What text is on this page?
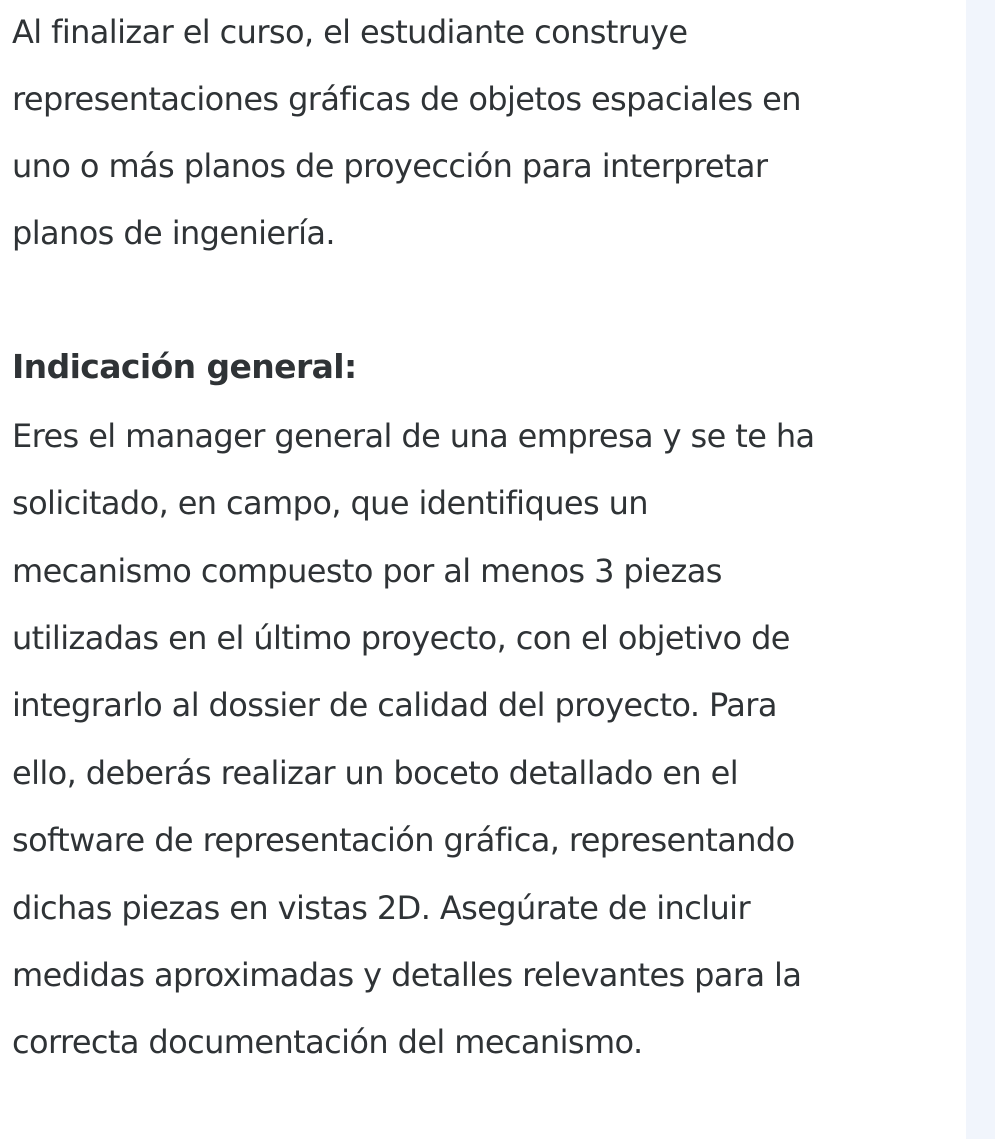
Al finalizar el curso, el estudiante construye
representaciones gráficas de objetos espaciales en
uno o más planos de proyección para interpretar
planos de ingeniería.
Indicación general:
Eres el manager general de una empresa y se te ha
solicitado, en campo, que identifiques un
mecanismo compuesto por al menos 3 piezas
utilizadas en el último proyecto, con el objetivo de
integrarlo al dossier de calidad del proyecto. Para
ello, deberás realizar un boceto detallado en el
software de representación gráfica, representando
dichas piezas en vistas 2D. Asegúrate de incluir
medidas aproximadas y detalles relevantes para la
correcta documentación del mecanismo.
